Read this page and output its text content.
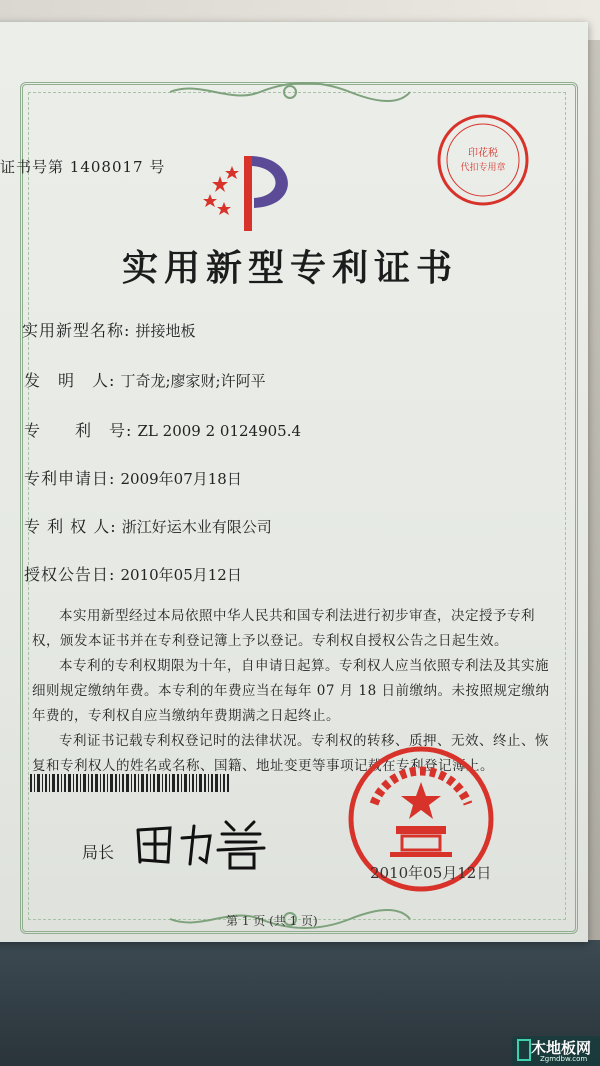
证书号第 1408017 号
印花税
代扣专用章
实用新型专利证书
实用新型名称: 拼接地板
发　明　人: 丁奇龙;廖家财;许阿平
专　　利　号: ZL 2009 2 0124905.4
专利申请日: 2009年07月18日
专 利 权 人: 浙江好运木业有限公司
授权公告日: 2010年05月12日

本实用新型经过本局依照中华人民共和国专利法进行初步审查，决定授予专利权，颁发本证书并在专利登记簿上予以登记。专利权自授权公告之日起生效。

本专利的专利权期限为十年，自申请日起算。专利权人应当依照专利法及其实施细则规定缴纳年费。本专利的年费应当在每年 07 月 18 日前缴纳。未按照规定缴纳年费的，专利权自应当缴纳年费期满之日起终止。

专利证书记载专利权登记时的法律状况。专利权的转移、质押、无效、终止、恢复和专利权人的姓名或名称、国籍、地址变更等事项记载在专利登记簿上。

局长
2010年05月12日
第 1 页 (共 1 页)
木地板网
Zgmdbw.com
